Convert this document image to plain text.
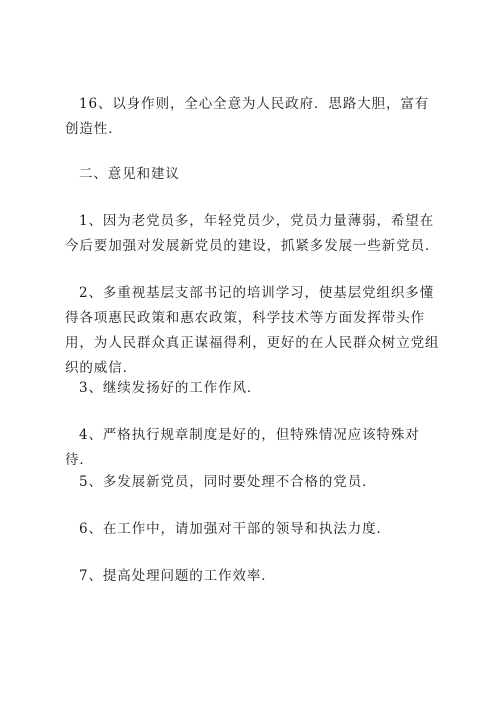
16、以身作则，全心全意为人民政府．思路大胆，富有创造性．

二、意见和建议

1、因为老党员多，年轻党员少，党员力量薄弱，希望在今后要加强对发展新党员的建设，抓紧多发展一些新党员．

2、多重视基层支部书记的培训学习，使基层党组织多懂得各项惠民政策和惠农政策，科学技术等方面发挥带头作用，为人民群众真正谋福得利，更好的在人民群众树立党组织的威信．

3、继续发扬好的工作作风．

4、严格执行规章制度是好的，但特殊情况应该特殊对待．

5、多发展新党员，同时要处理不合格的党员．

6、在工作中，请加强对干部的领导和执法力度．

7、提高处理问题的工作效率．
